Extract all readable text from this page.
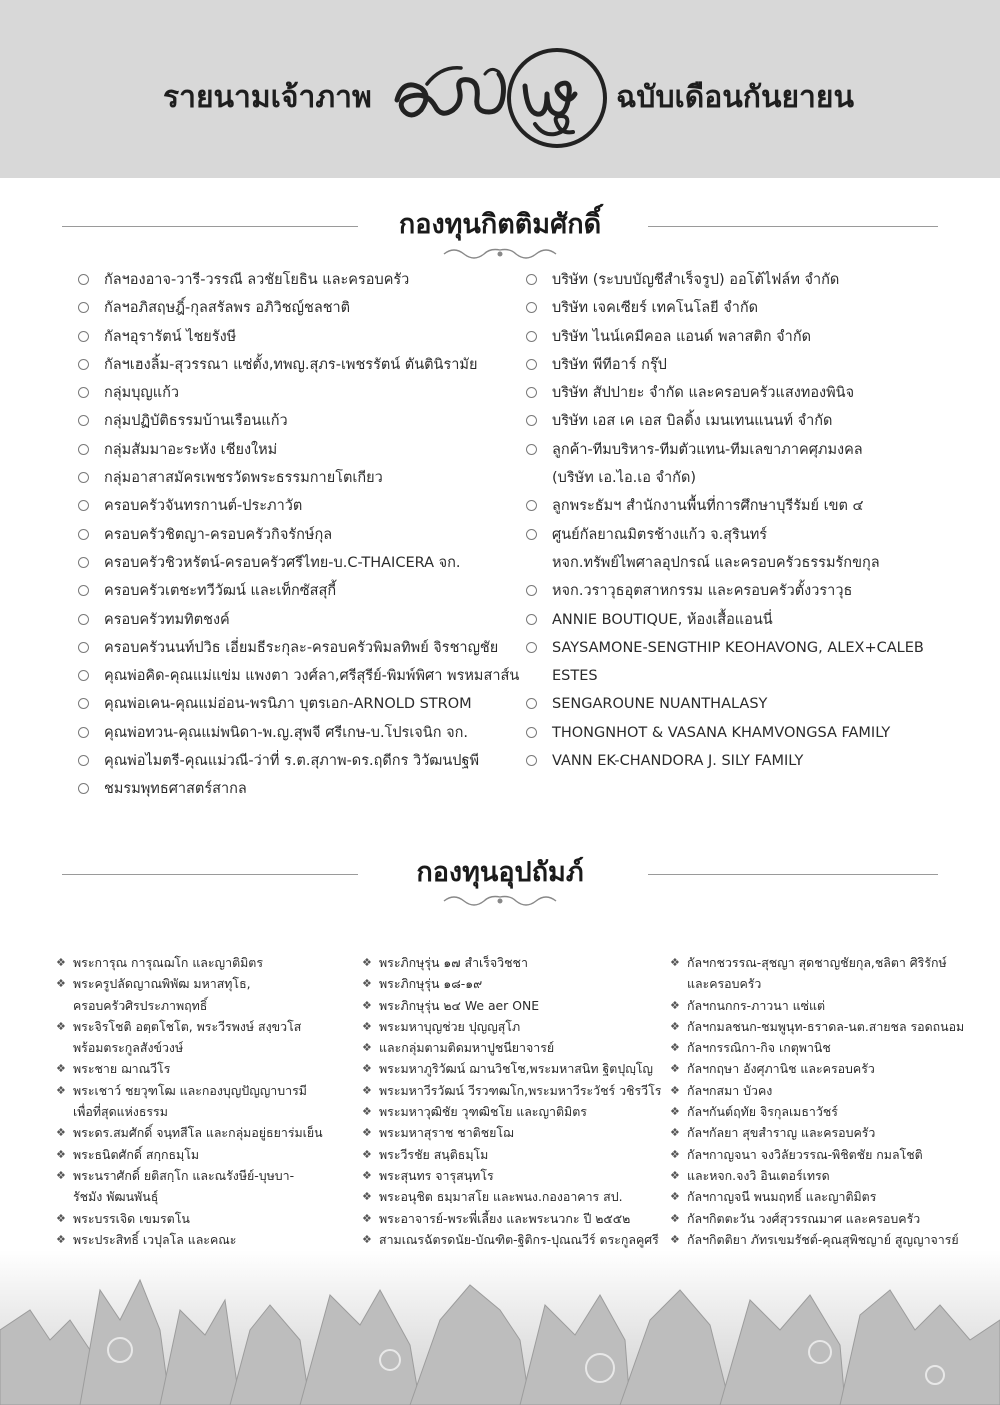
รายนามเจ้าภาพ	ฉบับเดือนกันยายน
กองทุนกิตติมศักดิ์
กัลฯองอาจ-วารี-วรรณี ลวชัยโยธิน และครอบครัว
กัลฯอภิสฤษฎิ์-กุลสรัลพร อภิวิชญ์ชลชาติ
กัลฯอุรารัตน์ ไชยรังษี
กัลฯเฮงลิ้ม-สุวรรณา แซ่ตั้ง,ทพญ.สุภร-เพชรรัตน์ ตันตินิรามัย
กลุ่มบุญแก้ว
กลุ่มปฏิบัติธรรมบ้านเรือนแก้ว
กลุ่มสัมมาอะระหัง เชียงใหม่
กลุ่มอาสาสมัครเพชรวัดพระธรรมกายโตเกียว
ครอบครัวจันทรกานต์-ประภาวัต
ครอบครัวชิตญา-ครอบครัวกิจรักษ์กุล
ครอบครัวชิวหรัตน์-ครอบครัวศรีไทย-บ.C-THAICERA จก.
ครอบครัวเตชะทวีวัฒน์ และเท็กซัสสุกี้
ครอบครัวทมทิตชงค์
ครอบครัวนนท์ปวิธ เอี่ยมธีระกุละ-ครอบครัวพิมลทิพย์ จิรชาญชัย
คุณพ่อคิด-คุณแม่แข่ม แพงตา วงศ์ลา,ศรีสุรีย์-พิมพ์พิศา พรหมสาส์น
คุณพ่อเคน-คุณแม่อ่อน-พรนิภา บุตรเอก-ARNOLD STROM
คุณพ่อทวน-คุณแม่พนิดา-พ.ญ.สุพจี ศรีเกษ-บ.โปรเจนิก จก.
คุณพ่อไมตรี-คุณแม่วณี-ว่าที่ ร.ต.สุภาพ-ดร.ฤดีกร วิวัฒนปฐพี
ชมรมพุทธศาสตร์สากล
บริษัท (ระบบบัญชีสำเร็จรูป) ออโต้ไฟล์ท จำกัด
บริษัท เจคเซียร์ เทคโนโลยี จำกัด
บริษัท ไนน์เคมีคอล แอนด์ พลาสติก จำกัด
บริษัท พีทีอาร์ กรุ๊ป
บริษัท สัปปายะ จำกัด และครอบครัวแสงทองพินิจ
บริษัท เอส เค เอส บิลดิ้ง เมนเทนแนนท์ จำกัด
ลูกค้า-ทีมบริหาร-ทีมตัวแทน-ทีมเลขาภาคศุภมงคล
(บริษัท เอ.ไอ.เอ จำกัด)
ลูกพระธัมฯ สำนักงานพื้นที่การศึกษาบุรีรัมย์ เขต ๔
ศูนย์กัลยาณมิตรช้างแก้ว จ.สุรินทร์
หจก.ทรัพย์ไพศาลอุปกรณ์ และครอบครัวธรรมรักขกุล
หจก.วราวุธอุตสาหกรรม และครอบครัวตั้งวราวุธ
ANNIE BOUTIQUE, ห้องเสื้อแอนนี่
SAYSAMONE-SENGTHIP KEOHAVONG, ALEX+CALEB
ESTES
SENGAROUNE NUANTHALASY
THONGNHOT & VASANA KHAMVONGSA FAMILY
VANN EK-CHANDORA J. SILY FAMILY
กองทุนอุปถัมภ์
❖ พระการุณ การุณฌโก และญาติมิตร
❖ พระครูปลัดญาณพิพัฒ มหาสทุโธ,
ครอบครัวศิรประภาพฤทธิ์
❖ พระจิรโชติ อตฺตโชโต, พระวีรพงษ์ สงฺขวโส
พร้อมตระกูลสังข์วงษ์
❖ พระชาย ฌาณวีโร
❖ พระเชาว์ ชยวุฑโฒ และกองบุญปัญญาบารมี
เพื่อที่สุดแห่งธรรม
❖ พระดร.สมศักดิ์ จนฺทสีโล และกลุ่มอยู่ธยาร่มเย็น
❖ พระธนิตศักดิ์ สกฺกธมฺโม
❖ พระนราศักดิ์ ยติสกฺโก และณรังษีย์-บุษบา-
รัชมัง พัฒนพันธุ์
❖ พระบรรเจิด เขมรตโน
❖ พระประสิทธิ์ เวปุลโล และคณะ
❖ พระภิกษุรุ่น ๑๗ สำเร็จวิชชา
❖ พระภิกษุรุ่น ๑๘-๑๙
❖ พระภิกษุรุ่น ๒๔ We aer ONE
❖ พระมหาบุญช่วย ปุญญสุโภ
❖ และกลุ่มตามติดมหาปูชนียาจารย์
❖ พระมหาภูริวัฒน์ ฌานวิชโช,พระมหาสนิท ฐิตปุญฺโญ
❖ พระมหาวีรวัฒน์ วีรวฑฒโก,พระมหาวีระวัชร์ วชิรวีโร
❖ พระมหาวุฒิชัย วุฑฒิชโย และญาติมิตร
❖ พระมหาสุราช ชาติชยโฌ
❖ พระวีรชัย สนฺติธมฺโม
❖ พระสุนทร จารุสนฺทโร
❖ พระอนุชิต ธมฺมาสโย และพนง.กองอาคาร สป.
❖ พระอาจารย์-พระพี่เลี้ยง และพระนวกะ ปี ๒๕๕๒
❖ สามเณรฉัตรดนัย-บัณฑิต-ฐิติกร-ปุณณวีร์ ตระกูลคูศรี
❖ กัลฯกชวรรณ-สุชญา สุดชาญชัยกุล,ชลิตา ศิริรักษ์
และครอบครัว
❖ กัลฯกนกกร-ภาวนา แซ่แต่
❖ กัลฯกมลชนก-ชมพูนุท-ธราดล-นต.สายชล รอดถนอม
❖ กัลฯกรรณิกา-กิจ เกตุพานิช
❖ กัลฯกฤษา อังศุภานิช และครอบครัว
❖ กัลฯกสมา บัวคง
❖ กัลฯกันต์ฤทัย จิรกุลเมธาวัชร์
❖ กัลฯกัลยา สุขสำราญ และครอบครัว
❖ กัลฯกาญจนา จงวิลัยวรรณ-พิชิตชัย กมลโชติ
❖ และหจก.จงวิ อินเตอร์เทรด
❖ กัลฯกาญจนี พนมฤทธิ์ และญาติมิตร
❖ กัลฯกิตตะวัน วงศ์สุวรรณมาศ และครอบครัว
❖ กัลฯกิตติยา ภัทรเขมรัชต์-คุณสุพิชญาย์ สูญญาจารย์
